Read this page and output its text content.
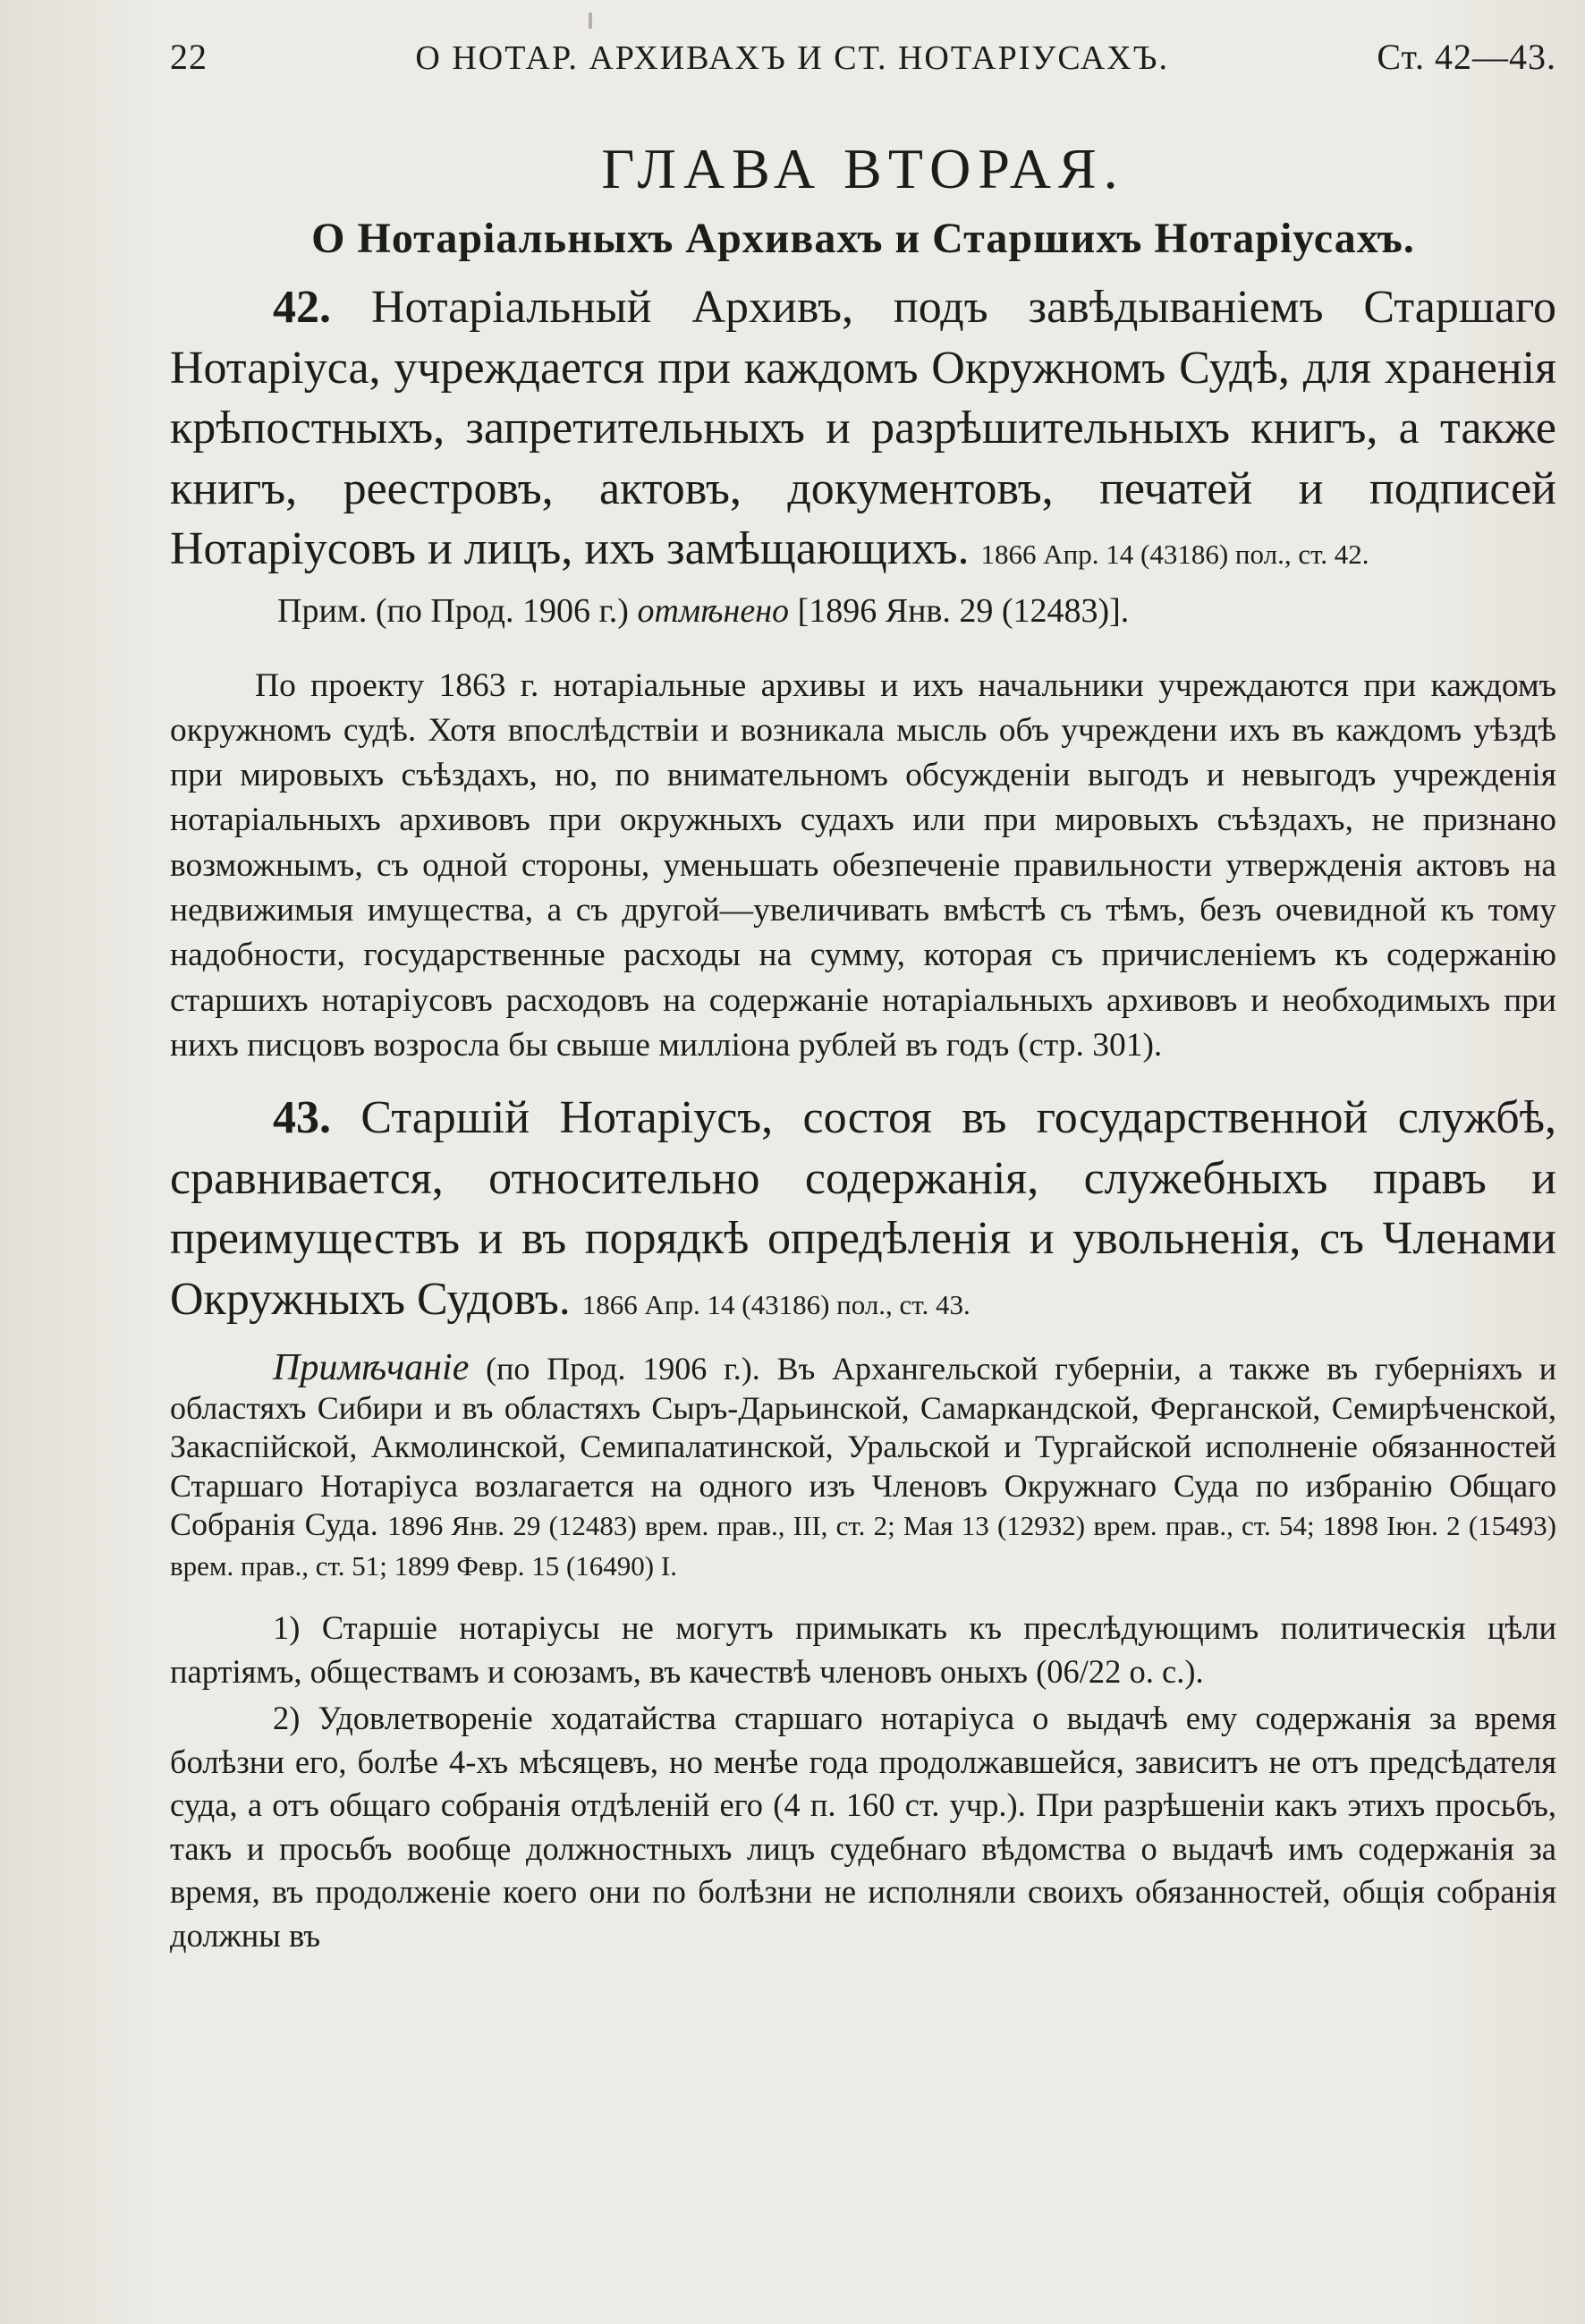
22	О НОТАР. АРХИВАХЪ И СТ. НОТАРІУСАХЪ.	Ст. 42—43.
ГЛАВА ВТОРАЯ.
О Нотаріальныхъ Архивахъ и Старшихъ Нотаріусахъ.

42. Нотаріальный Архивъ, подъ завѣдываніемъ Старшаго Нотаріуса, учреждается при каждомъ Окружномъ Судѣ, для храненія крѣпостныхъ, запретительныхъ и разрѣшительныхъ книгъ, а также книгъ, реестровъ, актовъ, документовъ, печатей и подписей Нотаріусовъ и лицъ, ихъ замѣщающихъ. 1866 Апр. 14 (43186) пол., ст. 42.

Прим. (по Прод. 1906 г.) отмѣнено [1896 Янв. 29 (12483)].

По проекту 1863 г. нотаріальные архивы и ихъ начальники учреждаются при каждомъ окружномъ судѣ. Хотя впослѣдствіи и возникала мысль объ учреждени ихъ въ каждомъ уѣздѣ при мировыхъ съѣздахъ, но, по внимательномъ обсужденіи выгодъ и невыгодъ учрежденія нотаріальныхъ архивовъ при окружныхъ судахъ или при мировыхъ съѣздахъ, не признано возможнымъ, съ одной стороны, уменьшать обезпеченіе правильности утвержденія актовъ на недвижимыя имущества, а съ другой—увеличивать вмѣстѣ съ тѣмъ, безъ очевидной къ тому надобности, государственные расходы на сумму, которая съ причисленіемъ къ содержанію старшихъ нотаріусовъ расходовъ на содержаніе нотаріальныхъ архивовъ и необходимыхъ при нихъ писцовъ возросла бы свыше милліона рублей въ годъ (стр. 301).

43. Старшій Нотаріусъ, состоя въ государственной службѣ, сравнивается, относительно содержанія, служебныхъ правъ и преимуществъ и въ порядкѣ опредѣленія и увольненія, съ Членами Окружныхъ Судовъ. 1866 Апр. 14 (43186) пол., ст. 43.

Примѣчаніе (по Прод. 1906 г.). Въ Архангельской губерніи, а также въ губерніяхъ и областяхъ Сибири и въ областяхъ Сыръ-Дарьинской, Самаркандской, Ферганской, Семирѣченской, Закаспійской, Акмолинской, Семипалатинской, Уральской и Тургайской исполненіе обязанностей Старшаго Нотаріуса возлагается на одного изъ Членовъ Окружнаго Суда по избранію Общаго Собранія Суда. 1896 Янв. 29 (12483) врем. прав., III, ст. 2; Мая 13 (12932) врем. прав., ст. 54; 1898 Іюн. 2 (15493) врем. прав., ст. 51; 1899 Февр. 15 (16490) I.

1) Старшіе нотаріусы не могутъ примыкать къ преслѣдующимъ политическія цѣли партіямъ, обществамъ и союзамъ, въ качествѣ членовъ оныхъ (06/22 о. с.).

2) Удовлетвореніе ходатайства старшаго нотаріуса о выдачѣ ему содержанія за время болѣзни его, болѣе 4-хъ мѣсяцевъ, но менѣе года продолжавшейся, зависитъ не отъ предсѣдателя суда, а отъ общаго собранія отдѣленій его (4 п. 160 ст. учр.). При разрѣшеніи какъ этихъ просьбъ, такъ и просьбъ вообще должностныхъ лицъ судебнаго вѣдомства о выдачѣ имъ содержанія за время, въ продолженіе коего они по болѣзни не исполняли своихъ обязанностей, общія собранія должны въ
